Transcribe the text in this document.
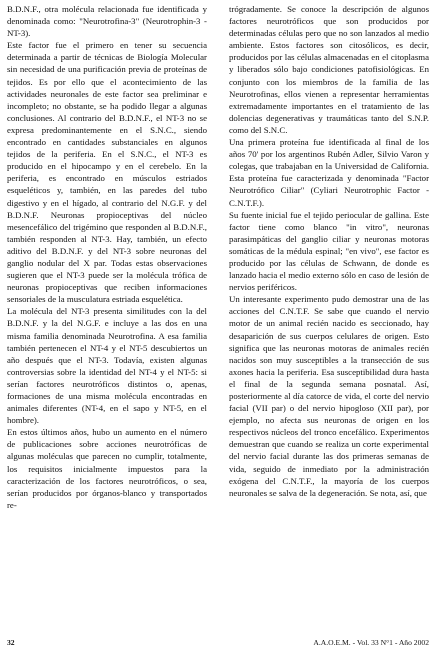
B.D.N.F., otra molécula relacionada fue identificada y denominada como: "Neurotrofina-3" (Neurotrophin-3 - NT-3).

Este factor fue el primero en tener su secuencia determinada a partir de técnicas de Biología Molecular sin necesidad de una purificación previa de proteínas de tejidos. Es por ello que el acontecimiento de las actividades neuronales de este factor sea preliminar e incompleto; no obstante, se ha podido llegar a algunas conclusiones. Al contrario del B.D.N.F., el NT-3 no se expresa predominantemente en el S.N.C., siendo encontrado en cantidades substanciales en algunos tejidos de la periferia. En el S.N.C., el NT-3 es producido en el hipocampo y en el cerebelo. En la periferia, es encontrado en músculos estriados esqueléticos y, también, en las paredes del tubo digestivo y en el hígado, al contrario del N.G.F. y del B.D.N.F. Neuronas propioceptivas del núcleo mesencefálico del trigémino que responden al B.D.N.F., también responden al NT-3. Hay, también, un efecto aditivo del B.D.N.F. y del NT-3 sobre neuronas del ganglio nodular del X par. Todas estas observaciones sugieren que el NT-3 puede ser la molécula trófica de neuronas propioceptivas que reciben informaciones sensoriales de la musculatura estriada esquelética.

La molécula del NT-3 presenta similitudes con la del B.D.N.F. y la del N.G.F. e incluye a las dos en una misma familia denominada Neurotrofina. A esa familia también pertenecen el NT-4 y el NT-5 descubiertos un año después que el NT-3. Todavía, existen algunas controversias sobre la identidad del NT-4 y el NT-5: si serían factores neurotróficos distintos o, apenas, formaciones de una misma molécula encontradas en animales diferentes (NT-4, en el sapo y NT-5, en el hombre).

En estos últimos años, hubo un aumento en el número de publicaciones sobre acciones neurotróficas de algunas moléculas que parecen no cumplir, totalmente, los requisitos inicialmente impuestos para la caracterización de los factores neurotróficos, o sea, serían producidos por órganos-blanco y transportados re-

trógradamente. Se conoce la descripción de algunos factores neurotróficos que son producidos por determinadas células pero que no son lanzados al medio ambiente. Estos factores son citosólicos, es decir, producidos por las células almacenadas en el citoplasma y liberados sólo bajo condiciones patofisiológicas. En conjunto con los miembros de la familia de las Neurotrofinas, ellos vienen a representar herramientas extremadamente importantes en el tratamiento de las dolencias degenerativas y traumáticas tanto del S.N.P. como del S.N.C.

Una primera proteína fue identificada al final de los años 70' por los argentinos Rubén Adler, Silvio Varon y colegas, que trabajaban en la Universidad de California. Esta proteína fue caracterizada y denominada "Factor Neurotrófico Ciliar" (Cyliari Neurotrophic Factor - C.N.T.F.).

Su fuente inicial fue el tejido periocular de gallina. Este factor tiene como blanco "in vitro", neuronas parasimpáticas del ganglio ciliar y neuronas motoras somáticas de la médula espinal; "en vivo", ese factor es producido por las células de Schwann, de donde es lanzado hacia el medio externo sólo en caso de lesión de nervios periféricos.

Un interesante experimento pudo demostrar una de las acciones del C.N.T.F. Se sabe que cuando el nervio motor de un animal recién nacido es seccionado, hay desaparición de sus cuerpos celulares de origen. Esto significa que las neuronas motoras de animales recién nacidos son muy susceptibles a la transección de sus axones hacia la periferia. Esa susceptibilidad dura hasta el final de la segunda semana posnatal. Así, posteriormente al día catorce de vida, el corte del nervio facial (VII par) o del nervio hipogloso (XII par), por ejemplo, no afecta sus neuronas de origen en los respectivos núcleos del tronco encefálico. Experimentos demuestran que cuando se realiza un corte experimental del nervio facial durante las dos primeras semanas de vida, seguido de inmediato por la administración exógena del C.N.T.F., la mayoría de los cuerpos neuronales se salva de la degeneración. Se nota, así, que

32	A.A.O.E.M. - Vol. 33 N°1 - Año 2002
